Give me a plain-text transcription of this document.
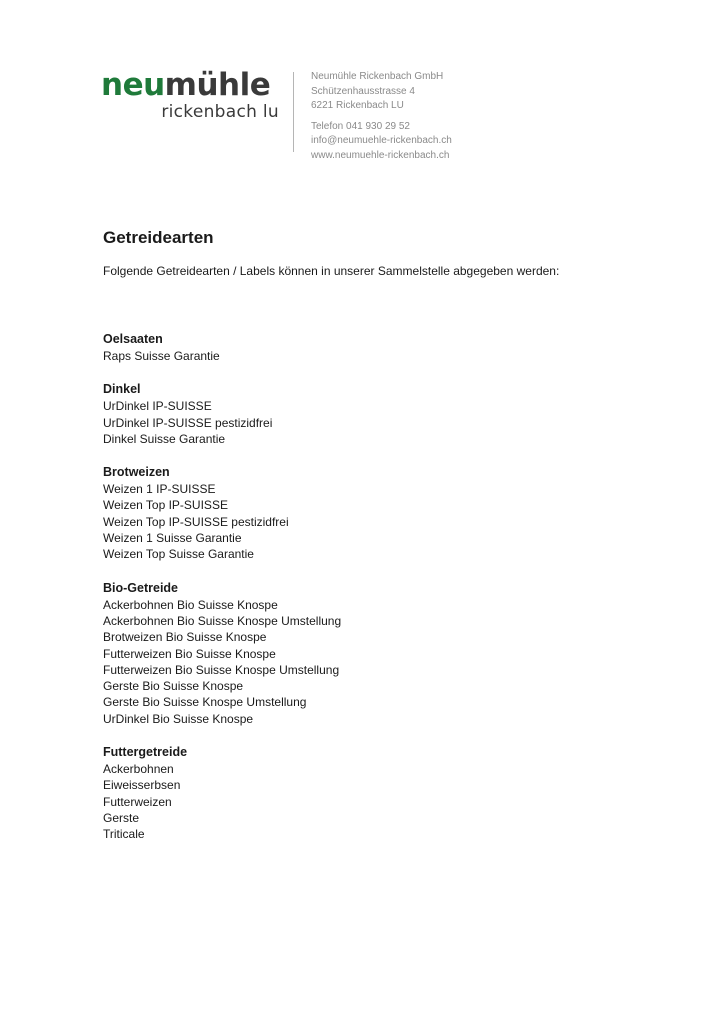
neumühle
rickenbach lu
Neumühle Rickenbach GmbH
Schützenhausstrasse 4
6221 Rickenbach LU
Telefon 041 930 29 52
info@neumuehle-rickenbach.ch
www.neumuehle-rickenbach.ch
Getreidearten

Folgende Getreidearten / Labels können in unserer Sammelstelle abgegeben werden:

Oelsaaten
Raps Suisse Garantie
Dinkel
UrDinkel IP-SUISSE
UrDinkel IP-SUISSE pestizidfrei
Dinkel Suisse Garantie
Brotweizen
Weizen 1 IP-SUISSE
Weizen Top IP-SUISSE
Weizen Top IP-SUISSE pestizidfrei
Weizen 1 Suisse Garantie
Weizen Top Suisse Garantie
Bio-Getreide
Ackerbohnen Bio Suisse Knospe
Ackerbohnen Bio Suisse Knospe Umstellung
Brotweizen Bio Suisse Knospe
Futterweizen Bio Suisse Knospe
Futterweizen Bio Suisse Knospe Umstellung
Gerste Bio Suisse Knospe
Gerste Bio Suisse Knospe Umstellung
UrDinkel Bio Suisse Knospe
Futtergetreide
Ackerbohnen
Eiweisserbsen
Futterweizen
Gerste
Triticale
